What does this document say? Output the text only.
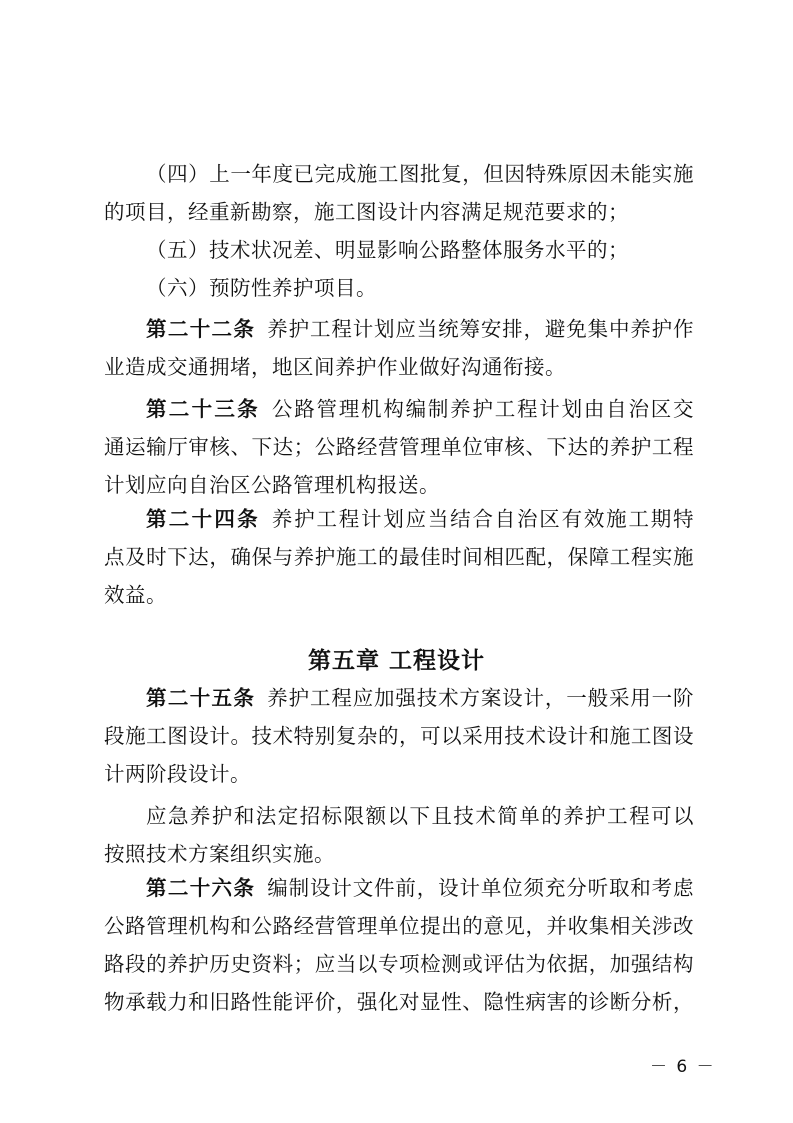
（四）上一年度已完成施工图批复，但因特殊原因未能实施
的项目，经重新勘察，施工图设计内容满足规范要求的；
（五）技术状况差、明显影响公路整体服务水平的；
（六）预防性养护项目。
第二十二条 养护工程计划应当统筹安排，避免集中养护作
业造成交通拥堵，地区间养护作业做好沟通衔接。
第二十三条 公路管理机构编制养护工程计划由自治区交
通运输厅审核、下达；公路经营管理单位审核、下达的养护工程
计划应向自治区公路管理机构报送。
第二十四条 养护工程计划应当结合自治区有效施工期特
点及时下达，确保与养护施工的最佳时间相匹配，保障工程实施
效益。
第五章 工程设计
第二十五条 养护工程应加强技术方案设计，一般采用一阶
段施工图设计。技术特别复杂的，可以采用技术设计和施工图设
计两阶段设计。
应急养护和法定招标限额以下且技术简单的养护工程可以
按照技术方案组织实施。
第二十六条 编制设计文件前，设计单位须充分听取和考虑
公路管理机构和公路经营管理单位提出的意见，并收集相关涉改
路段的养护历史资料；应当以专项检测或评估为依据，加强结构
物承载力和旧路性能评价，强化对显性、隐性病害的诊断分析，
－ 6 －
